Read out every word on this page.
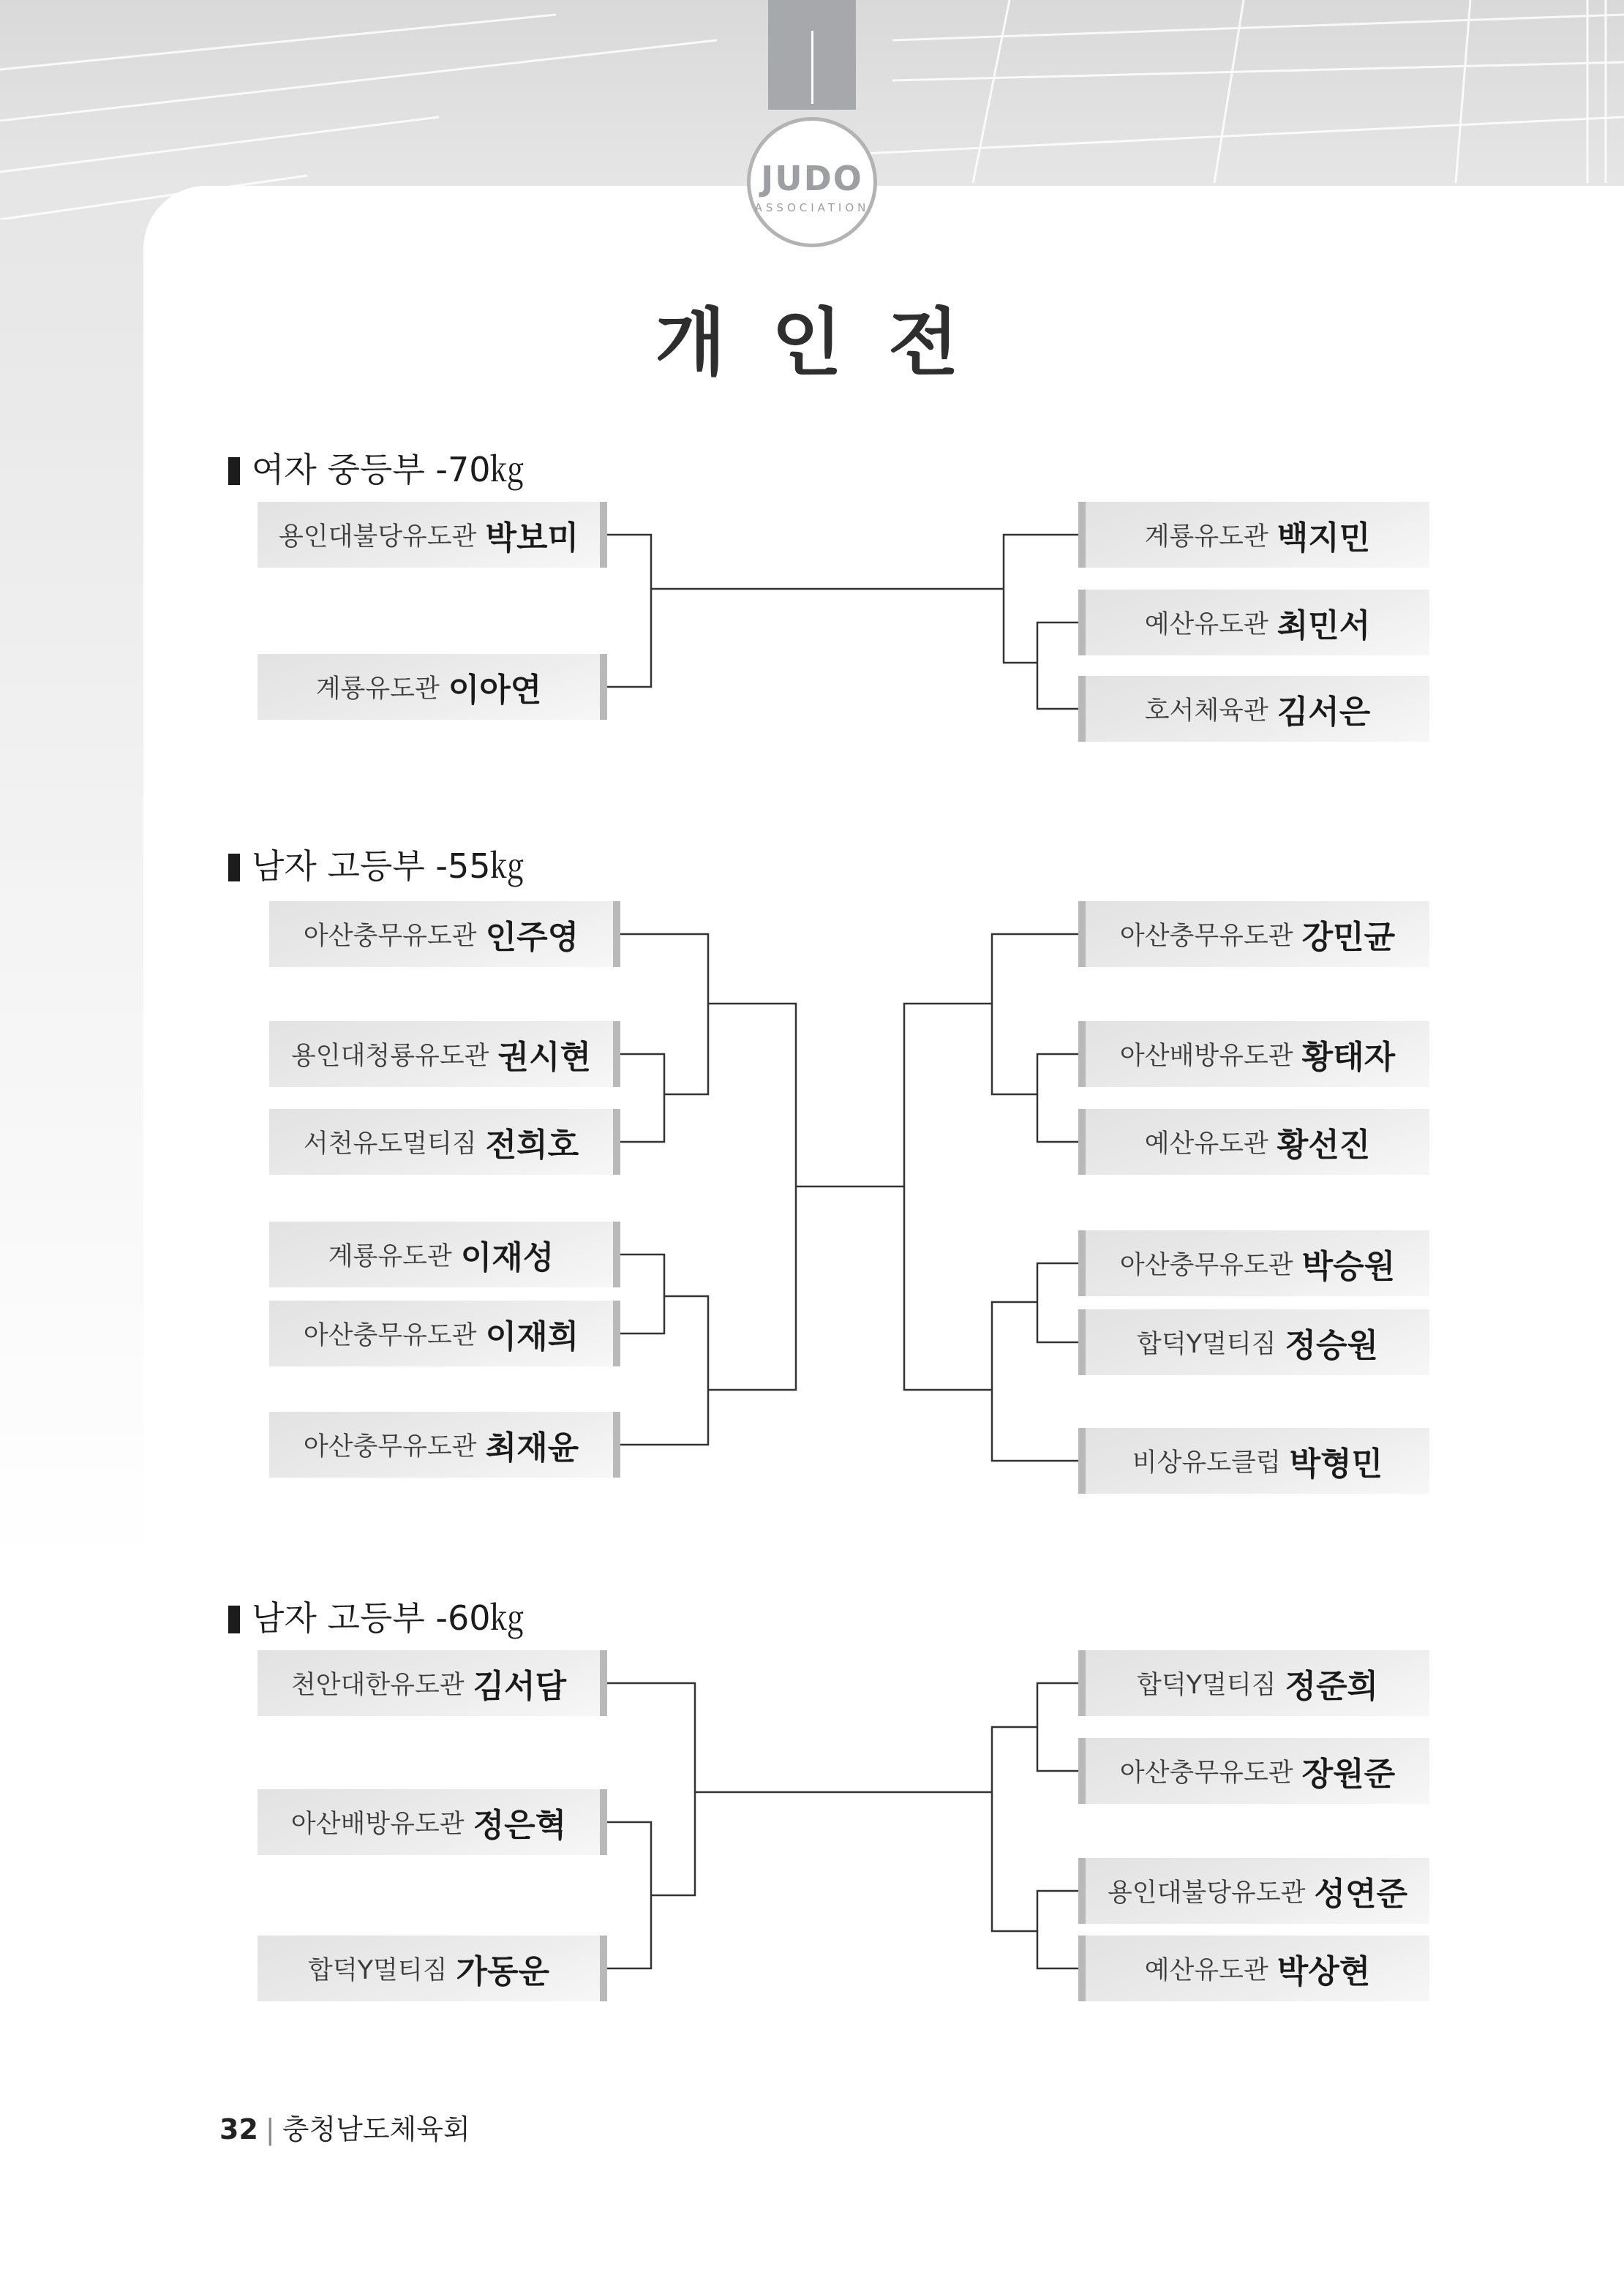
JUDO
ASSOCIATION
개 인 전
여자 중등부 -70㎏
용인대불당유도관 박보미
계룡유도관 이아연
계룡유도관 백지민
예산유도관 최민서
호서체육관 김서은
남자 고등부 -55㎏
아산충무유도관 인주영
용인대청룡유도관 권시현
서천유도멀티짐 전희호
계룡유도관 이재성
아산충무유도관 이재희
아산충무유도관 최재윤
아산충무유도관 강민균
아산배방유도관 황태자
예산유도관 황선진
아산충무유도관 박승원
합덕Y멀티짐 정승원
비상유도클럽 박형민
남자 고등부 -60㎏
천안대한유도관 김서담
아산배방유도관 정은혁
합덕Y멀티짐 가동운
합덕Y멀티짐 정준희
아산충무유도관 장원준
용인대불당유도관 성연준
예산유도관 박상현
32 | 충청남도체육회
